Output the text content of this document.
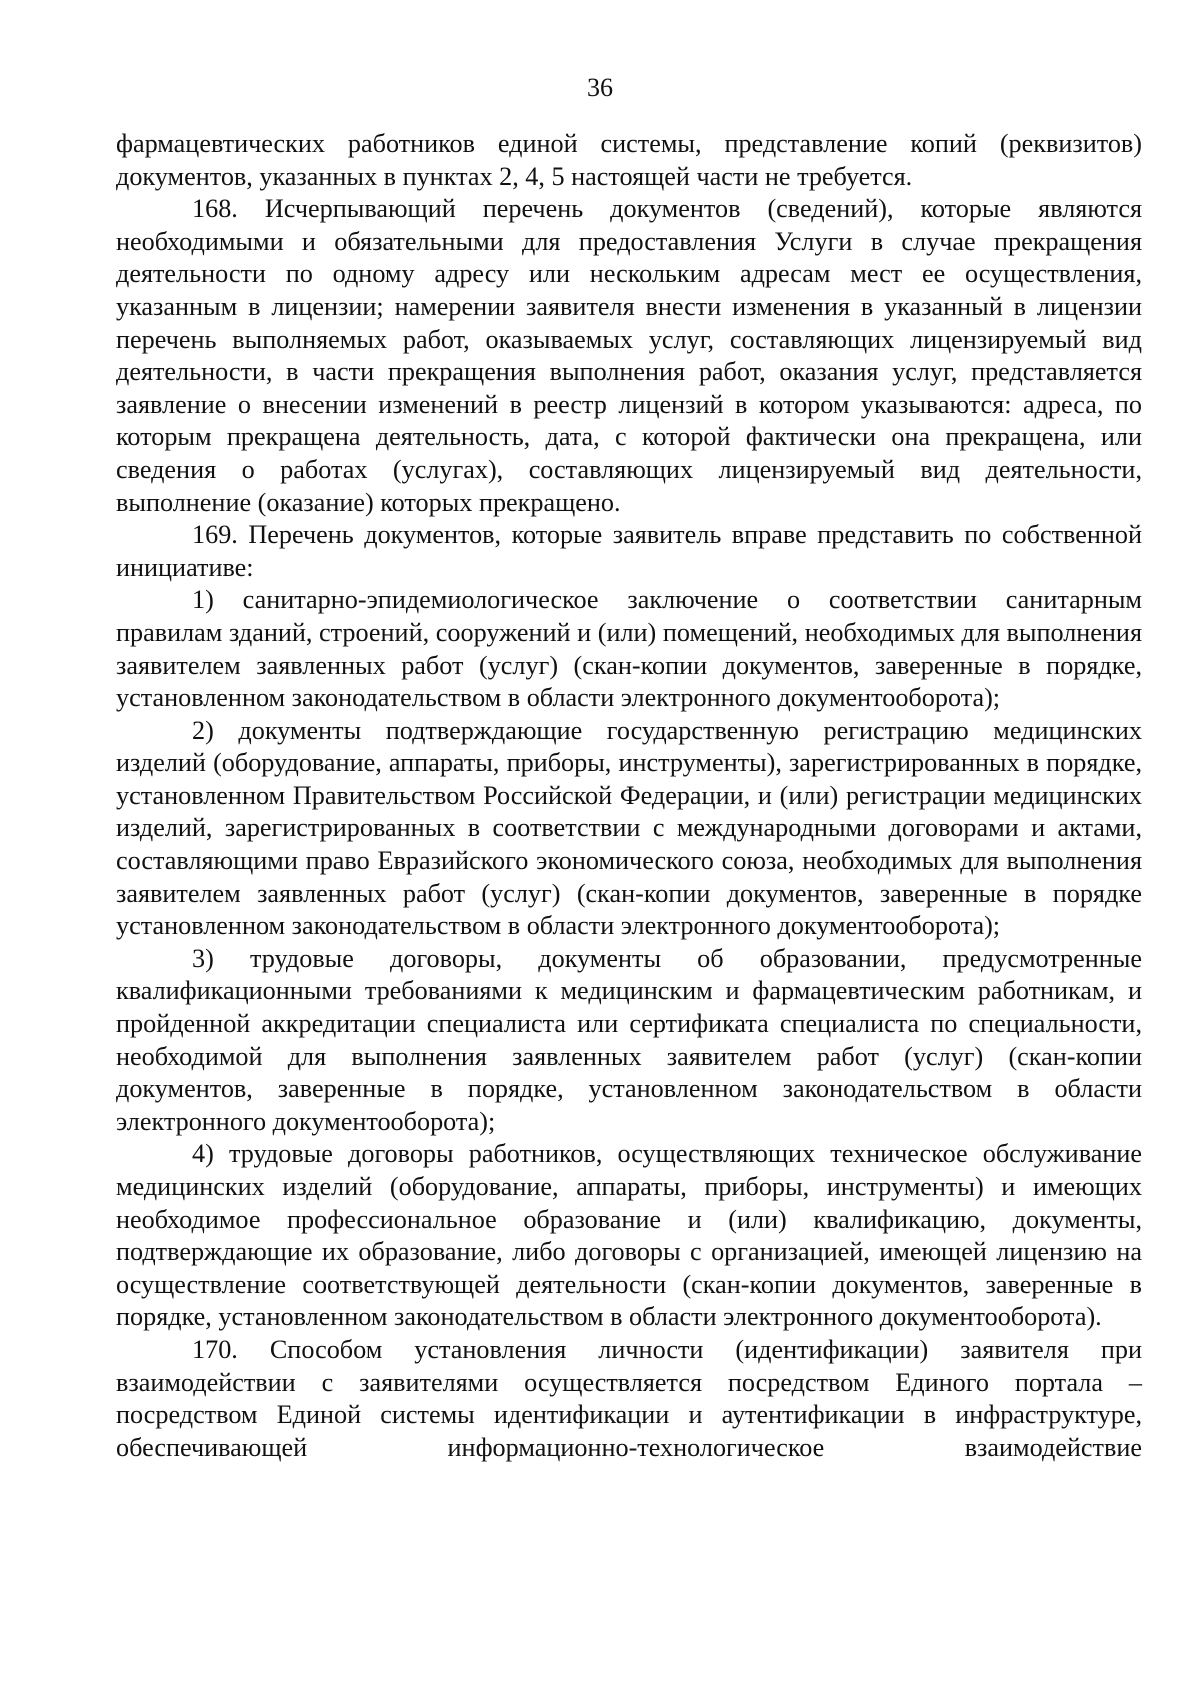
36

фармацевтических работников единой системы, представление копий (реквизитов) документов, указанных в пунктах 2, 4, 5 настоящей части не требуется.

168. Исчерпывающий перечень документов (сведений), которые являются необходимыми и обязательными для предоставления Услуги в случае прекращения деятельности по одному адресу или нескольким адресам мест ее осуществления, указанным в лицензии; намерении заявителя внести изменения в указанный в лицензии перечень выполняемых работ, оказываемых услуг, составляющих лицензируемый вид деятельности, в части прекращения выполнения работ, оказания услуг, представляется заявление о внесении изменений в реестр лицензий в котором указываются: адреса, по которым прекращена деятельность, дата, с которой фактически она прекращена, или сведения о работах (услугах), составляющих лицензируемый вид деятельности, выполнение (оказание) которых прекращено.

169. Перечень документов, которые заявитель вправе представить по собственной инициативе:

1) санитарно-эпидемиологическое заключение о соответствии санитарным правилам зданий, строений, сооружений и (или) помещений, необходимых для выполнения заявителем заявленных работ (услуг) (скан-копии документов, заверенные в порядке, установленном законодательством в области электронного документооборота);

2) документы подтверждающие государственную регистрацию медицинских изделий (оборудование, аппараты, приборы, инструменты), зарегистрированных в порядке, установленном Правительством Российской Федерации, и (или) регистрации медицинских изделий, зарегистрированных в соответствии с международными договорами и актами, составляющими право Евразийского экономического союза, необходимых для выполнения заявителем заявленных работ (услуг) (скан-копии документов, заверенные в порядке установленном законодательством в области электронного документооборота);

3) трудовые договоры, документы об образовании, предусмотренные квалификационными требованиями к медицинским и фармацевтическим работникам, и пройденной аккредитации специалиста или сертификата специалиста по специальности, необходимой для выполнения заявленных заявителем работ (услуг) (скан-копии документов, заверенные в порядке, установленном законодательством в области электронного документооборота);

4) трудовые договоры работников, осуществляющих техническое обслуживание медицинских изделий (оборудование, аппараты, приборы, инструменты) и имеющих необходимое профессиональное образование и (или) квалификацию, документы, подтверждающие их образование, либо договоры с организацией, имеющей лицензию на осуществление соответствующей деятельности (скан-копии документов, заверенные в порядке, установленном законодательством в области электронного документооборота).

170. Способом установления личности (идентификации) заявителя при взаимодействии с заявителями осуществляется посредством Единого портала – посредством Единой системы идентификации и аутентификации в инфраструктуре, обеспечивающей информационно-технологическое взаимодействие
